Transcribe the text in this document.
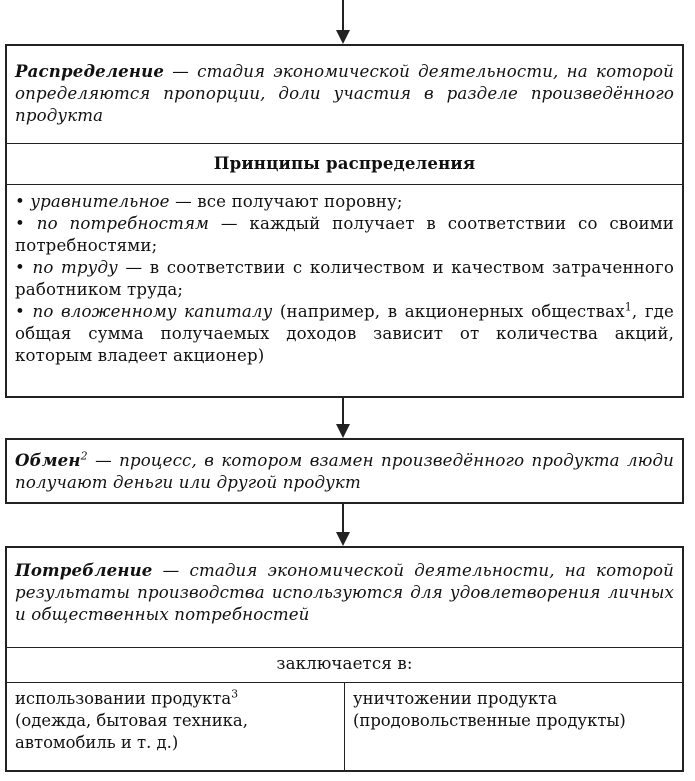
Распределение — стадия экономической деятельности, на которой определяются пропорции, доли участия в разделе произведённого продукта
Принципы распределения

• уравнительное — все получают поровну;

• по потребностям — каждый получает в соответствии со своими потребностями;

• по труду — в соответствии с количеством и качеством затраченного работником труда;

• по вложенному капиталу (например, в акционерных обществах$^1$, где общая сумма получаемых доходов зависит от количества акций, которым владеет акционер)

Обмен$^2$ — процесс, в котором взамен произведённого продукта люди получают деньги или другой продукт
Потребление — стадия экономической деятельности, на которой результаты производства используются для удовлетворения личных и общественных потребностей
заключается в:
использовании продукта$^3$
(одежда, бытовая техника, автомобиль и т. д.)
уничтожении продукта (продовольственные продукты)
